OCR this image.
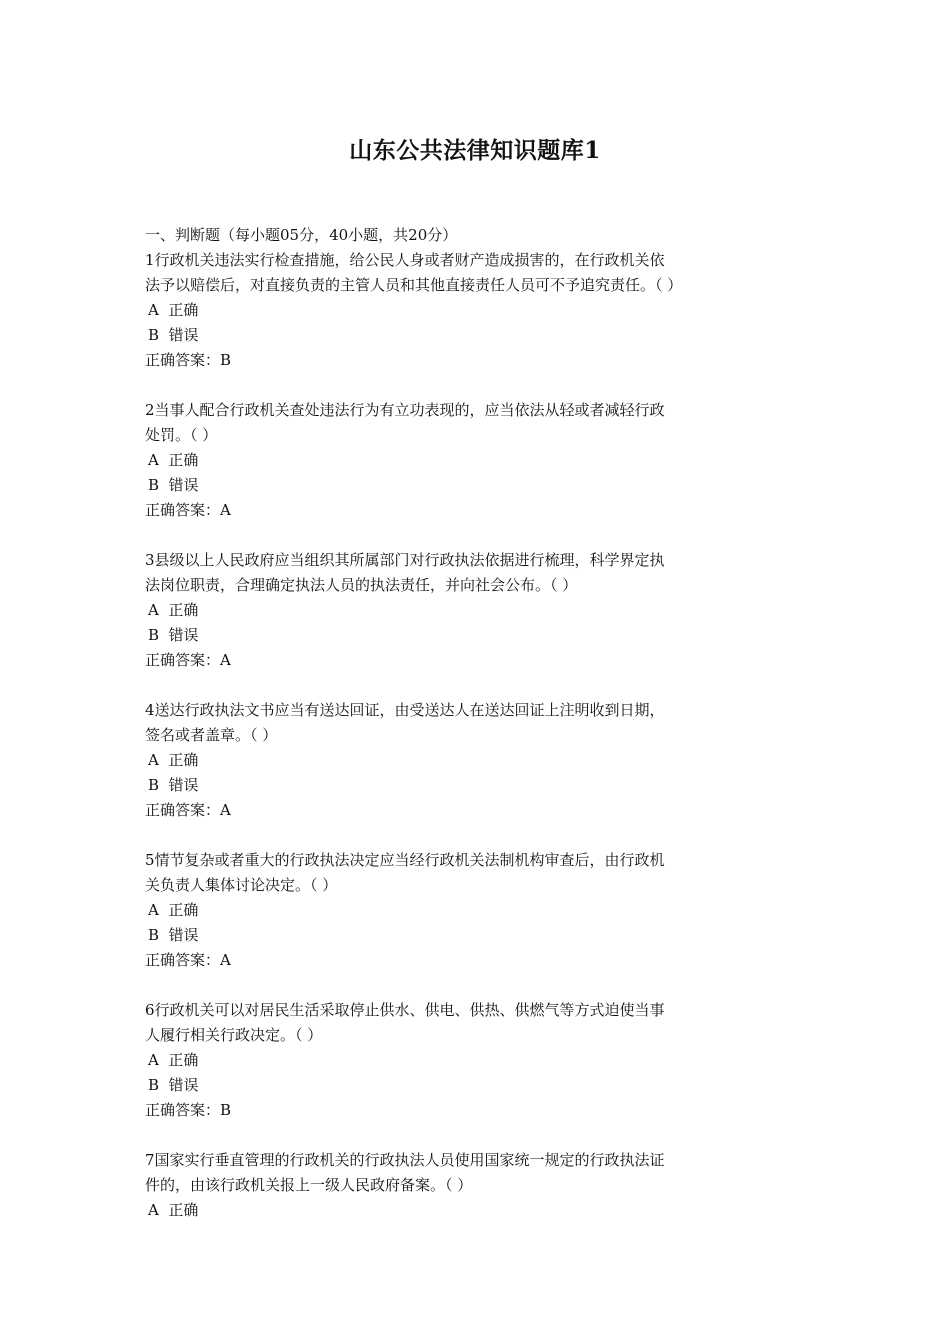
山东公共法律知识题库1
一、判断题（每小题05分，40小题，共20分）
1行政机关违法实行检查措施，给公民人身或者财产造成损害的，在行政机关依
法予以赔偿后，对直接负责的主管人员和其他直接责任人员可不予追究责任。（ ）
A  正确
B  错误
正确答案：B
2当事人配合行政机关查处违法行为有立功表现的，应当依法从轻或者减轻行政
处罚。（ ）
A  正确
B  错误
正确答案：A
3县级以上人民政府应当组织其所属部门对行政执法依据进行梳理，科学界定执
法岗位职责，合理确定执法人员的执法责任，并向社会公布。（ ）
A  正确
B  错误
正确答案：A
4送达行政执法文书应当有送达回证，由受送达人在送达回证上注明收到日期，
签名或者盖章。（ ）
A  正确
B  错误
正确答案：A
5情节复杂或者重大的行政执法决定应当经行政机关法制机构审查后，由行政机
关负责人集体讨论决定。（ ）
A  正确
B  错误
正确答案：A
6行政机关可以对居民生活采取停止供水、供电、供热、供燃气等方式迫使当事
人履行相关行政决定。（ ）
A  正确
B  错误
正确答案：B
7国家实行垂直管理的行政机关的行政执法人员使用国家统一规定的行政执法证
件的，由该行政机关报上一级人民政府备案。（ ）
A  正确
